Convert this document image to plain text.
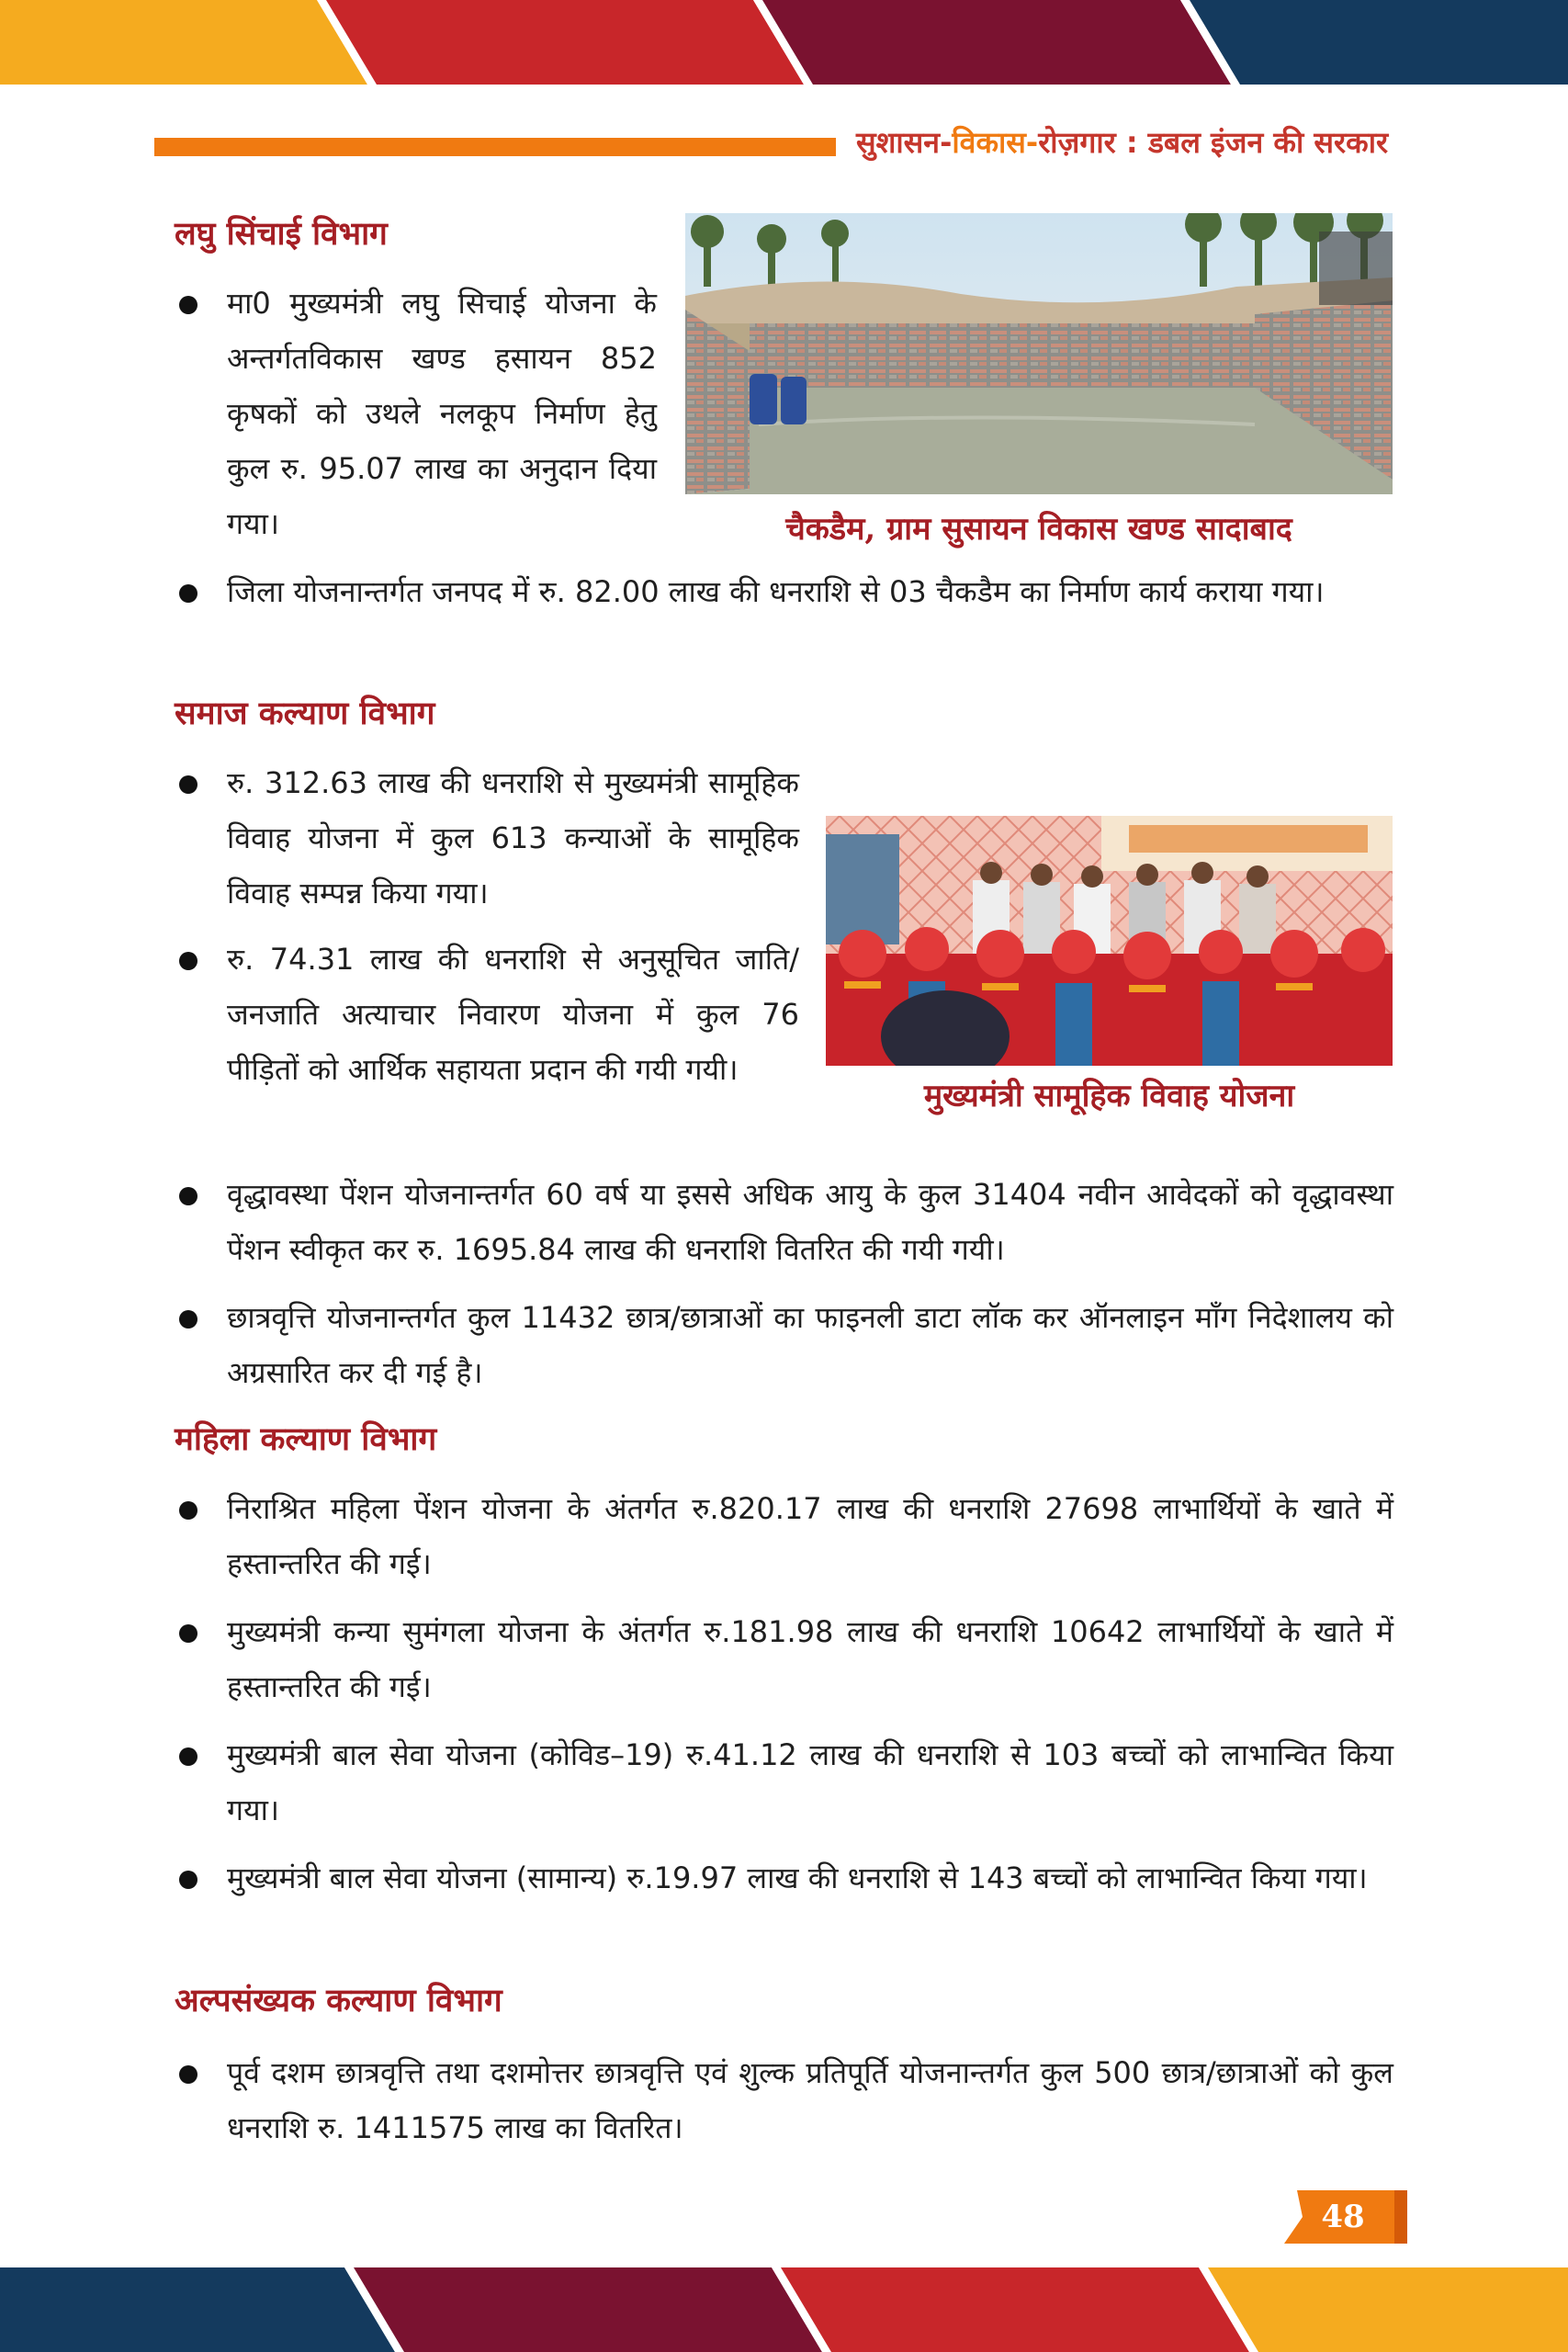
सुशासन-विकास-रोज़गार : डबल इंजन की सरकार
लघु सिंचाई विभाग
मा0 मुख्यमंत्री लघु सिचाई योजना के अन्तर्गतविकास खण्ड हसायन 852 कृषकों को उथले नलकूप निर्माण हेतु कुल रु. 95.07 लाख का अनुदान दिया गया।	चैकडैम, ग्राम सुसायन विकास खण्ड सादाबाद
जिला योजनान्तर्गत जनपद में रु. 82.00 लाख की धनराशि से 03 चैकडैम का निर्माण कार्य कराया गया।
समाज कल्याण विभाग
रु. 312.63 लाख की धनराशि से मुख्यमंत्री सामूहिक विवाह योजना में कुल 613 कन्याओं के सामूहिक विवाह सम्पन्न किया गया।
रु. 74.31 लाख की धनराशि से अनुसूचित जाति/जनजाति अत्याचार निवारण योजना में कुल 76 पीड़ितों को आर्थिक सहायता प्रदान की गयी गयी।
मुख्यमंत्री सामूहिक विवाह योजना
वृद्धावस्था पेंशन योजनान्तर्गत 60 वर्ष या इससे अधिक आयु के कुल 31404 नवीन आवेदकों को वृद्धावस्था पेंशन स्वीकृत कर रु. 1695.84 लाख की धनराशि वितरित की गयी गयी।
छात्रवृत्ति योजनान्तर्गत कुल 11432 छात्र/छात्राओं का फाइनली डाटा लॉक कर ऑनलाइन माँग निदेशालय को अग्रसारित कर दी गई है।
महिला कल्याण विभाग
निराश्रित महिला पेंशन योजना के अंतर्गत रु.820.17 लाख की धनराशि 27698 लाभार्थियों के खाते में हस्तान्तरित की गई।
मुख्यमंत्री कन्या सुमंगला योजना के अंतर्गत रु.181.98 लाख की धनराशि 10642 लाभार्थियों के खाते में हस्तान्तरित की गई।
मुख्यमंत्री बाल सेवा योजना (कोविड–19) रु.41.12 लाख की धनराशि से 103 बच्चों को लाभान्वित किया गया।
मुख्यमंत्री बाल सेवा योजना (सामान्य) रु.19.97 लाख की धनराशि से 143 बच्चों को लाभान्वित किया गया।
अल्पसंख्यक कल्याण विभाग
पूर्व दशम छात्रवृत्ति तथा दशमोत्तर छात्रवृत्ति एवं शुल्क प्रतिपूर्ति योजनान्तर्गत कुल 500 छात्र/छात्राओं को कुल धनराशि रु. 1411575 लाख का वितरित।
48
